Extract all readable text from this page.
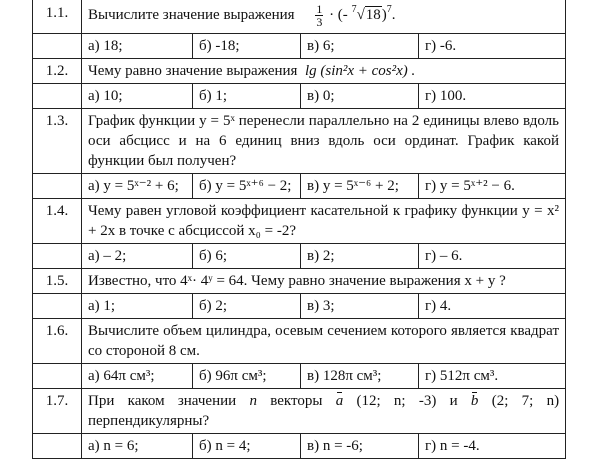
1.1.	Вычислите значение выражения $\frac{1}{3}$ · (- $^7$√18)$^7$.

	а) 18; б) -18; в) 6; г) -6.

1.2.	Чему равно значение выражения lg (sin²x + cos²x) .

	а) 10; б) 1; в) 0; г) 100.

1.3.	График функции y = 5ˣ перенесли параллельно на 2 единицы влево вдоль оси абсцисс и на 6 единиц вниз вдоль оси ординат. График какой функции был получен?

	а) y = 5ˣ⁻² + 6; б) y = 5ˣ⁺⁶ − 2; в) y = 5ˣ⁻⁶ + 2; г) y = 5ˣ⁺² − 6.

1.4.	Чему равен угловой коэффициент касательной к графику функции y = x² + 2x в точке с абсциссой x₀ = -2?

	а) – 2; б) 6; в) 2; г) – 6.

1.5.	Известно, что 4ˣ· 4ʸ = 64. Чему равно значение выражения x + y ?

	а) 1; б) 2; в) 3; г) 4.

1.6.	Вычислите объем цилиндра, осевым сечением которого является квадрат со стороной 8 см.

	а) 64π см³; б) 96π см³; в) 128π см³; г) 512π см³.

1.7.	При каком значении n векторы a (12; n; -3) и b (2; 7; n) перпендикулярны?

	а) n = 6; б) n = 4; в) n = -6; г) n = -4.
